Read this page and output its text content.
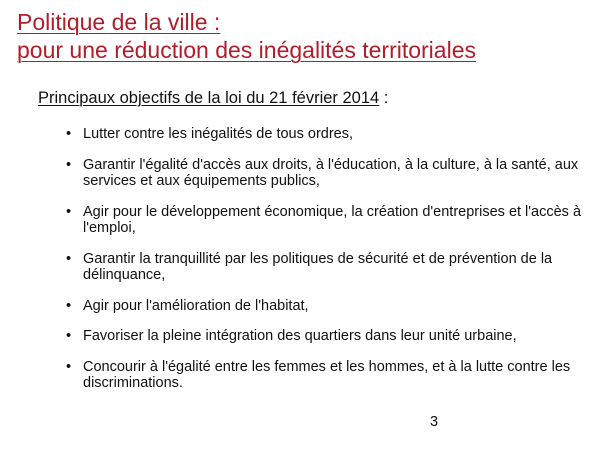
Politique de la ville :
pour une réduction des inégalités territoriales
Principaux objectifs de la loi du 21 février 2014 :
• Lutter contre les inégalités de tous ordres,
• Garantir l'égalité d'accès aux droits, à l'éducation, à la culture, à la santé, aux services et aux équipements publics,
• Agir pour le développement économique, la création d'entreprises et l'accès à l'emploi,
• Garantir la tranquillité par les politiques de sécurité et de prévention de la délinquance,
• Agir pour l'amélioration de l'habitat,
• Favoriser la pleine intégration des quartiers dans leur unité urbaine,
• Concourir à l'égalité entre les femmes et les hommes, et à la lutte contre les discriminations.
3
